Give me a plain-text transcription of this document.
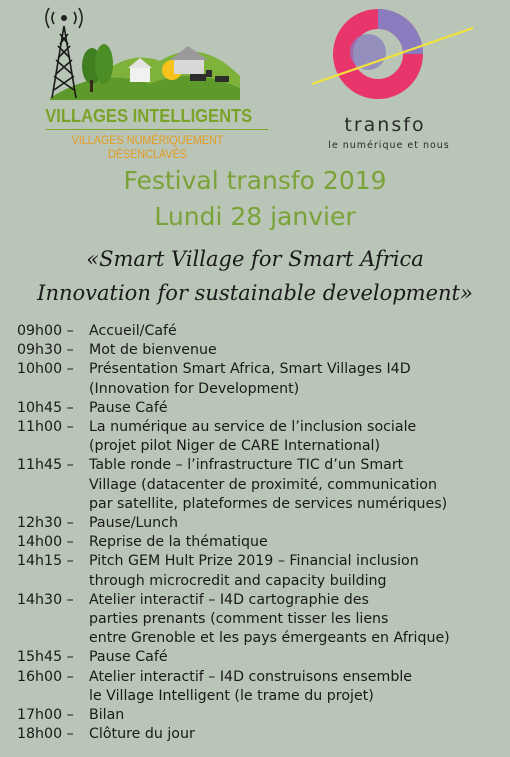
VILLAGES INTELLIGENTS
VILLAGES NUMÉRIQUEMENT DÉSENCLAVÉS
transfo
le numérique et nous
Festival transfo 2019
Lundi 28 janvier
«Smart Village for Smart Africa
Innovation for sustainable development»
09h00 –	Accueil/Café
09h30 –	Mot de bienvenue
10h00 –	Présentation Smart Africa, Smart Villages I4D
(Innovation for Development)
10h45 –	Pause Café
11h00 –	La numérique au service de l’inclusion sociale
(projet pilot Niger de CARE International)
11h45 –	Table ronde – l’infrastructure TIC d’un Smart
Village (datacenter de proximité, communication
par satellite, plateformes de services numériques)
12h30 –	Pause/Lunch
14h00 –	Reprise de la thématique
14h15 –	Pitch GEM Hult Prize 2019 – Financial inclusion
through microcredit and capacity building
14h30 –	Atelier interactif – I4D cartographie des
parties prenants (comment tisser les liens
entre Grenoble et les pays émergeants en Afrique)
15h45 –	Pause Café
16h00 –	Atelier interactif – I4D construisons ensemble
le Village Intelligent (le trame du projet)
17h00 –	Bilan
18h00 –	Clôture du jour
